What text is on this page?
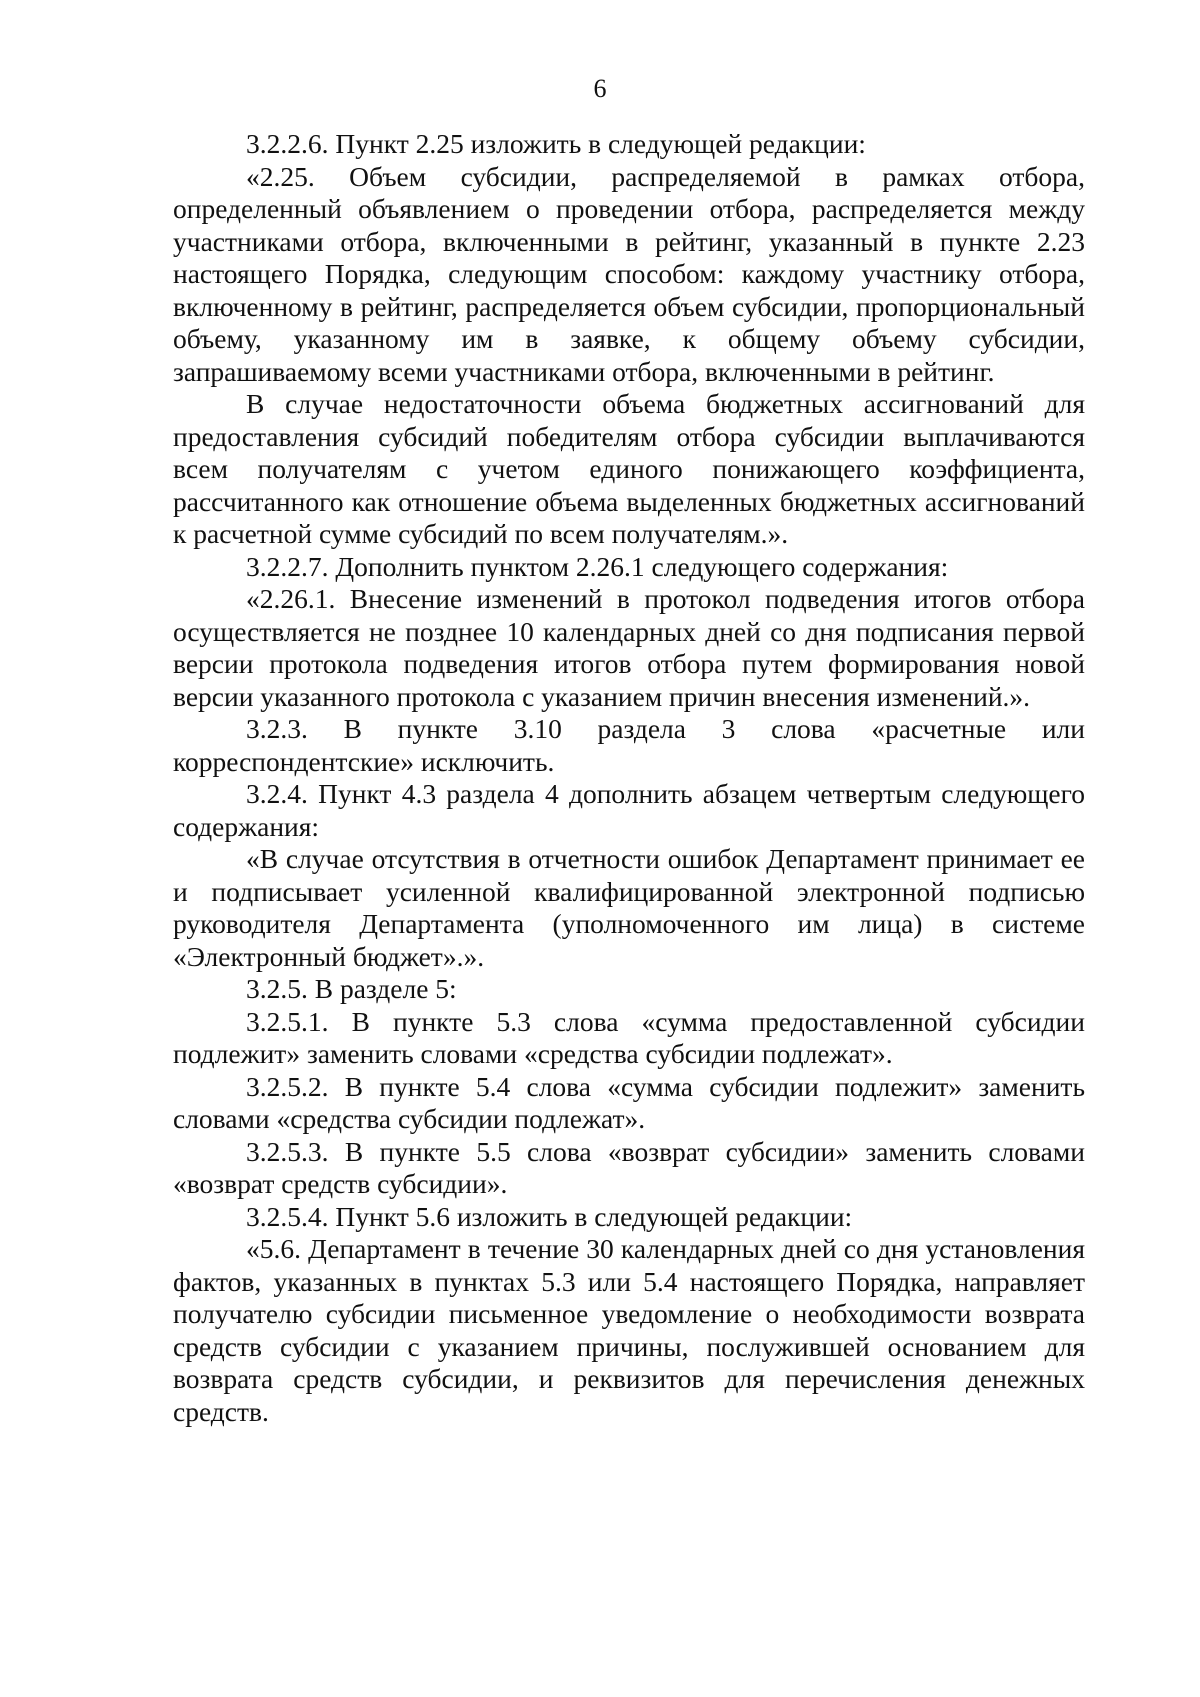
6

3.2.2.6. Пункт 2.25 изложить в следующей редакции:

«2.25. Объем субсидии, распределяемой в рамках отбора, определенный объявлением о проведении отбора, распределяется между участниками отбора, включенными в рейтинг, указанный в пункте 2.23 настоящего Порядка, следующим способом: каждому участнику отбора, включенному в рейтинг, распределяется объем субсидии, пропорциональный объему, указанному им в заявке, к общему объему субсидии, запрашиваемому всеми участниками отбора, включенными в рейтинг.

В случае недостаточности объема бюджетных ассигнований для предоставления субсидий победителям отбора субсидии выплачиваются всем получателям с учетом единого понижающего коэффициента, рассчитанного как отношение объема выделенных бюджетных ассигнований к расчетной сумме субсидий по всем получателям.».

3.2.2.7. Дополнить пунктом 2.26.1 следующего содержания:

«2.26.1. Внесение изменений в протокол подведения итогов отбора осуществляется не позднее 10 календарных дней со дня подписания первой версии протокола подведения итогов отбора путем формирования новой версии указанного протокола с указанием причин внесения изменений.».

3.2.3. В пункте 3.10 раздела 3 слова «расчетные или корреспондентские» исключить.

3.2.4. Пункт 4.3 раздела 4 дополнить абзацем четвертым следующего содержания:

«В случае отсутствия в отчетности ошибок Департамент принимает ее и подписывает усиленной квалифицированной электронной подписью руководителя Департамента (уполномоченного им лица) в системе «Электронный бюджет».».

3.2.5. В разделе 5:

3.2.5.1. В пункте 5.3 слова «сумма предоставленной субсидии подлежит» заменить словами «средства субсидии подлежат».

3.2.5.2. В пункте 5.4 слова «сумма субсидии подлежит» заменить словами «средства субсидии подлежат».

3.2.5.3. В пункте 5.5 слова «возврат субсидии» заменить словами «возврат средств субсидии».

3.2.5.4. Пункт 5.6 изложить в следующей редакции:

«5.6. Департамент в течение 30 календарных дней со дня установления фактов, указанных в пунктах 5.3 или 5.4 настоящего Порядка, направляет получателю субсидии письменное уведомление о необходимости возврата средств субсидии с указанием причины, послужившей основанием для возврата средств субсидии, и реквизитов для перечисления денежных средств.
